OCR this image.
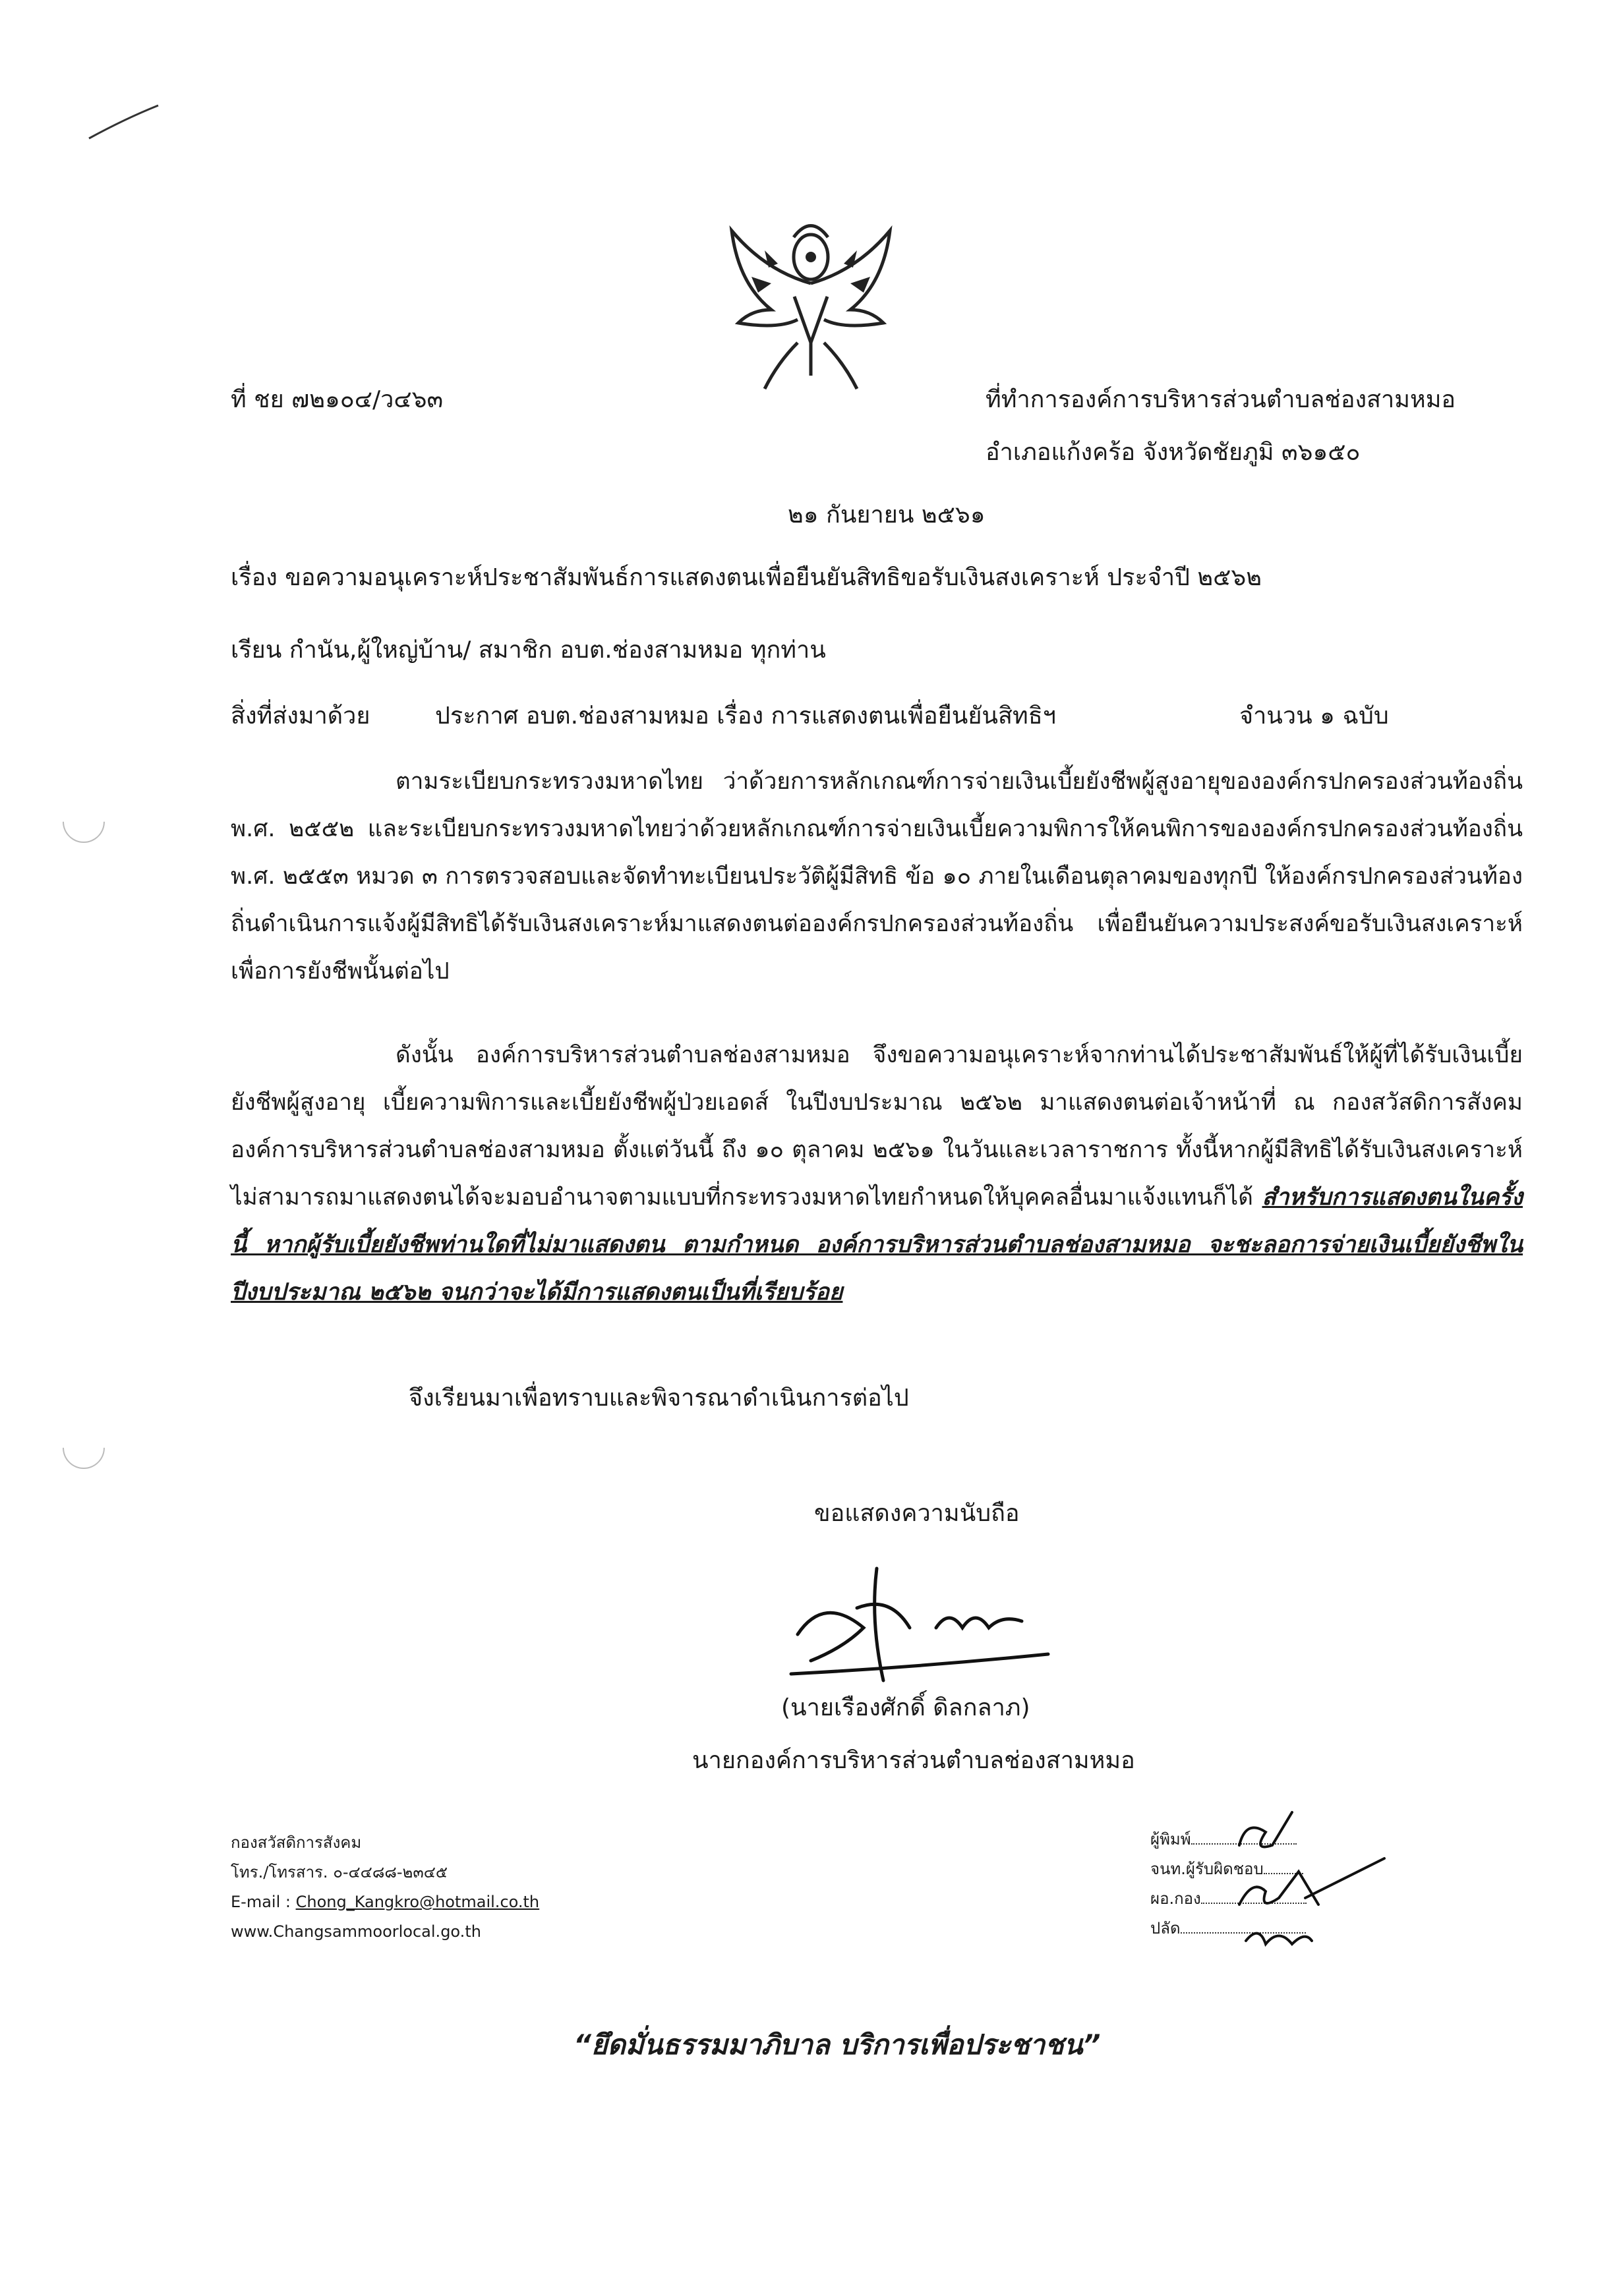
ที่ ชย ๗๒๑๐๔/ว๔๖๓	ที่ทำการองค์การบริหารส่วนตำบลช่องสามหมอ
อำเภอแก้งคร้อ จังหวัดชัยภูมิ ๓๖๑๕๐
๒๑ กันยายน ๒๕๖๑
เรื่อง ขอความอนุเคราะห์ประชาสัมพันธ์การแสดงตนเพื่อยืนยันสิทธิขอรับเงินสงเคราะห์ ประจำปี ๒๕๖๒
เรียน กำนัน,ผู้ใหญ่บ้าน/ สมาชิก อบต.ช่องสามหมอ ทุกท่าน
สิ่งที่ส่งมาด้วย	ประกาศ อบต.ช่องสามหมอ เรื่อง การแสดงตนเพื่อยืนยันสิทธิฯ	จำนวน ๑ ฉบับ
ตามระเบียบกระทรวงมหาดไทย ว่าด้วยการหลักเกณฑ์การจ่ายเงินเบี้ยยังชีพผู้สูงอายุขององค์กรปกครองส่วนท้องถิ่น พ.ศ. ๒๕๕๒ และระเบียบกระทรวงมหาดไทยว่าด้วยหลักเกณฑ์การจ่ายเงินเบี้ยความพิการให้คนพิการขององค์กรปกครองส่วนท้องถิ่น พ.ศ. ๒๕๕๓ หมวด ๓ การตรวจสอบและจัดทำทะเบียนประวัติผู้มีสิทธิ ข้อ ๑๐ ภายในเดือนตุลาคมของทุกปี ให้องค์กรปกครองส่วนท้องถิ่นดำเนินการแจ้งผู้มีสิทธิได้รับเงินสงเคราะห์มาแสดงตนต่อองค์กรปกครองส่วนท้องถิ่น เพื่อยืนยันความประสงค์ขอรับเงินสงเคราะห์เพื่อการยังชีพนั้นต่อไป
ดังนั้น องค์การบริหารส่วนตำบลช่องสามหมอ จึงขอความอนุเคราะห์จากท่านได้ประชาสัมพันธ์ให้ผู้ที่ได้รับเงินเบี้ยยังชีพผู้สูงอายุ เบี้ยความพิการและเบี้ยยังชีพผู้ป่วยเอดส์ ในปีงบประมาณ ๒๕๖๒ มาแสดงตนต่อเจ้าหน้าที่ ณ กองสวัสดิการสังคม องค์การบริหารส่วนตำบลช่องสามหมอ ตั้งแต่วันนี้ ถึง ๑๐ ตุลาคม ๒๕๖๑ ในวันและเวลาราชการ ทั้งนี้หากผู้มีสิทธิได้รับเงินสงเคราะห์ไม่สามารถมาแสดงตนได้จะมอบอำนาจตามแบบที่กระทรวงมหาดไทยกำหนดให้บุคคลอื่นมาแจ้งแทนก็ได้ สำหรับการแสดงตนในครั้งนี้ หากผู้รับเบี้ยยังชีพท่านใดที่ไม่มาแสดงตน ตามกำหนด องค์การบริหารส่วนตำบลช่องสามหมอ จะชะลอการจ่ายเงินเบี้ยยังชีพใน ปีงบประมาณ ๒๕๖๒ จนกว่าจะได้มีการแสดงตนเป็นที่เรียบร้อย
จึงเรียนมาเพื่อทราบและพิจารณาดำเนินการต่อไป
ขอแสดงความนับถือ
(นายเรืองศักดิ์ ดิลกลาภ)
นายกองค์การบริหารส่วนตำบลช่องสามหมอ
กองสวัสดิการสังคม
โทร./โทรสาร. ๐-๔๔๘๘-๒๓๔๕
E-mail : Chong_Kangkro@hotmail.co.th
www.Changsammoorlocal.go.th
ผู้พิมพ์
จนท.ผู้รับผิดชอบ
ผอ.กอง
ปลัด
“ยึดมั่นธรรมมาภิบาล บริการเพื่อประชาชน”
